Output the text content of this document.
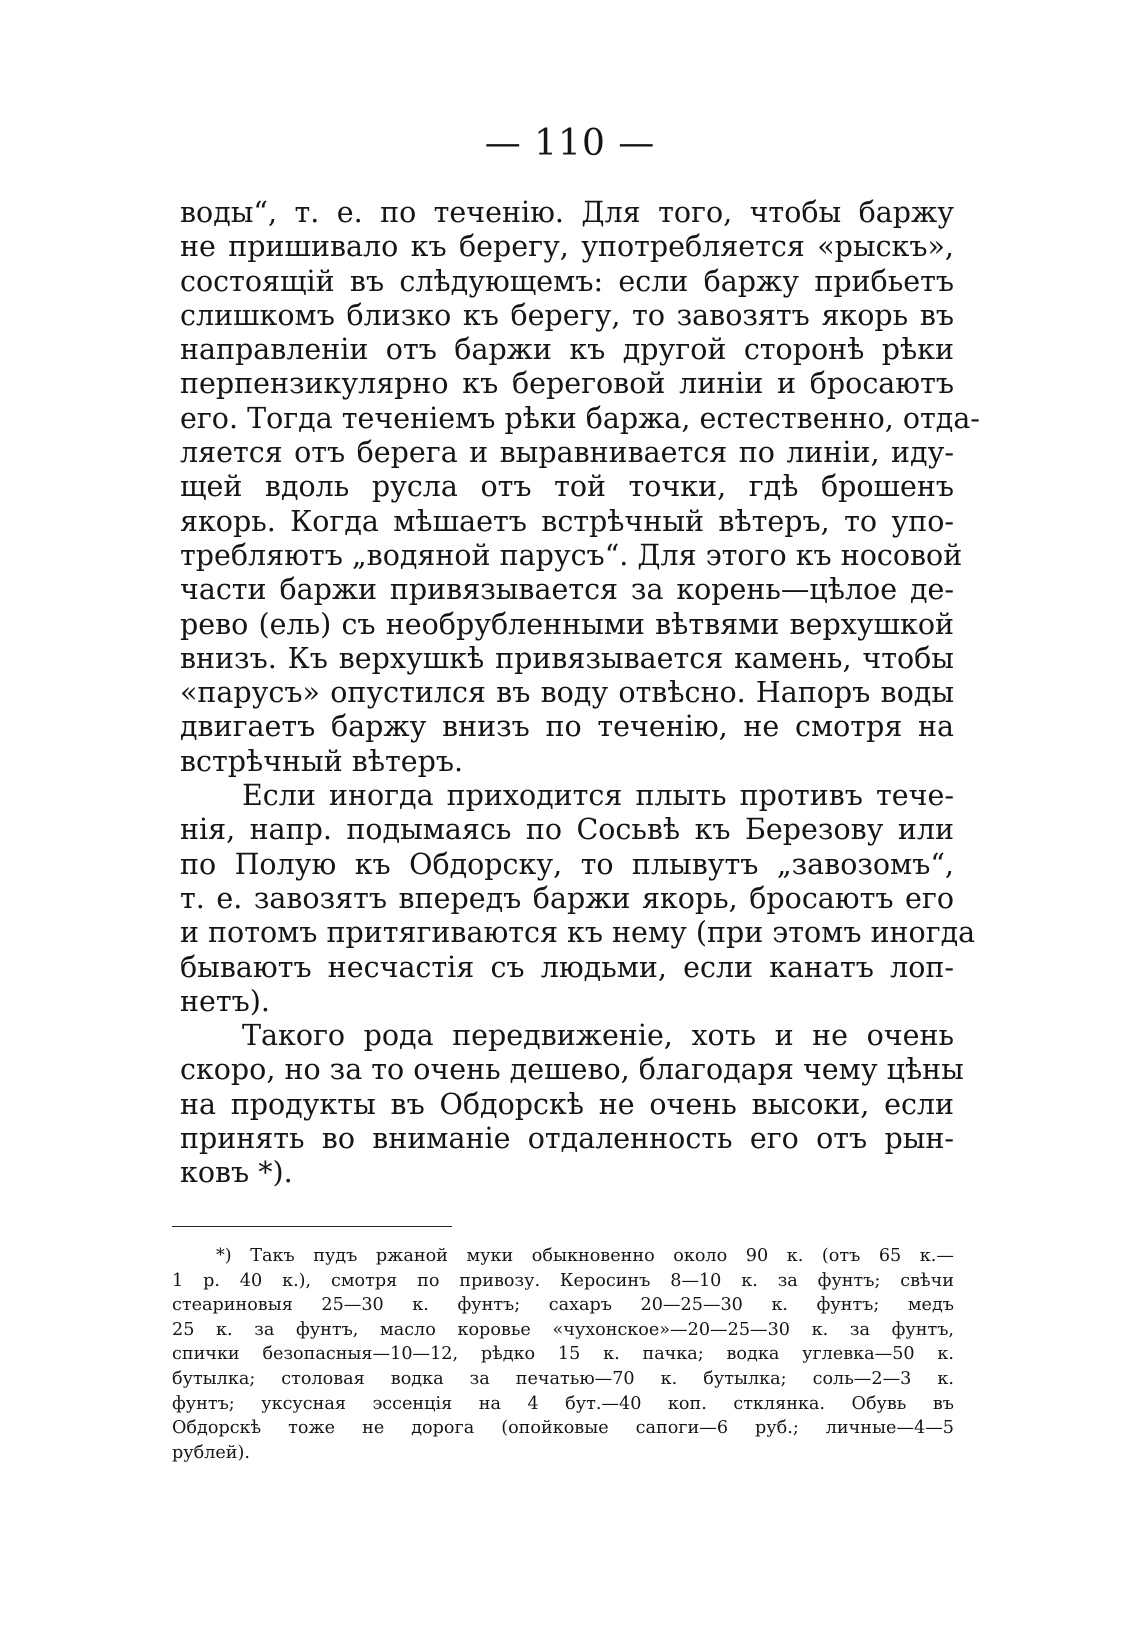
— 110 —
воды“, т. е. по теченію. Для того, чтобы баржу
не пришивало къ берегу, употребляется «рыскъ»,
состоящій въ слѣдующемъ: если баржу прибьетъ
слишкомъ близко къ берегу, то завозятъ якорь въ
направленіи отъ баржи къ другой сторонѣ рѣки
перпензикулярно къ береговой линіи и бросаютъ
его. Тогда теченіемъ рѣки баржа, естественно, отда-
ляется отъ берега и выравнивается по линіи, иду-
щей вдоль русла отъ той точки, гдѣ брошенъ
якорь. Когда мѣшаетъ встрѣчный вѣтеръ, то упо-
требляютъ „водяной парусъ“. Для этого къ носовой
части баржи привязывается за корень—цѣлое де-
рево (ель) съ необрубленными вѣтвями верхушкой
внизъ. Къ верхушкѣ привязывается камень, чтобы
«парусъ» опустился въ воду отвѣсно. Напоръ воды
двигаетъ баржу внизъ по теченію, не смотря на
встрѣчный вѣтеръ.
Если иногда приходится плыть противъ тече-
нія, напр. подымаясь по Сосьвѣ къ Березову или
по Полую къ Обдорску, то плывутъ „завозомъ“,
т. е. завозятъ впередъ баржи якорь, бросаютъ его
и потомъ притягиваются къ нему (при этомъ иногда
бываютъ несчастія съ людьми, если канатъ лоп-
нетъ).
Такого рода передвиженіе, хоть и не очень
скоро, но за то очень дешево, благодаря чему цѣны
на продукты въ Обдорскѣ не очень высоки, если
принять во вниманіе отдаленность его отъ рын-
ковъ *).
*) Такъ пудъ ржаной муки обыкновенно около 90 к. (отъ 65 к.—
1 р. 40 к.), смотря по привозу. Керосинъ 8—10 к. за фунтъ; свѣчи
стеариновыя 25—30 к. фунтъ; сахаръ 20—25—30 к. фунтъ; медъ
25 к. за фунтъ, масло коровье «чухонское»—20—25—30 к. за фунтъ,
спички безопасныя—10—12, рѣдко 15 к. пачка; водка углевка—50 к.
бутылка; столовая водка за печатью—70 к. бутылка; соль—2—3 к.
фунтъ; уксусная эссенція на 4 бут.—40 коп. стклянка. Обувь въ
Обдорскѣ тоже не дорога (опойковые сапоги—6 руб.; личные—4—5
рублей).
